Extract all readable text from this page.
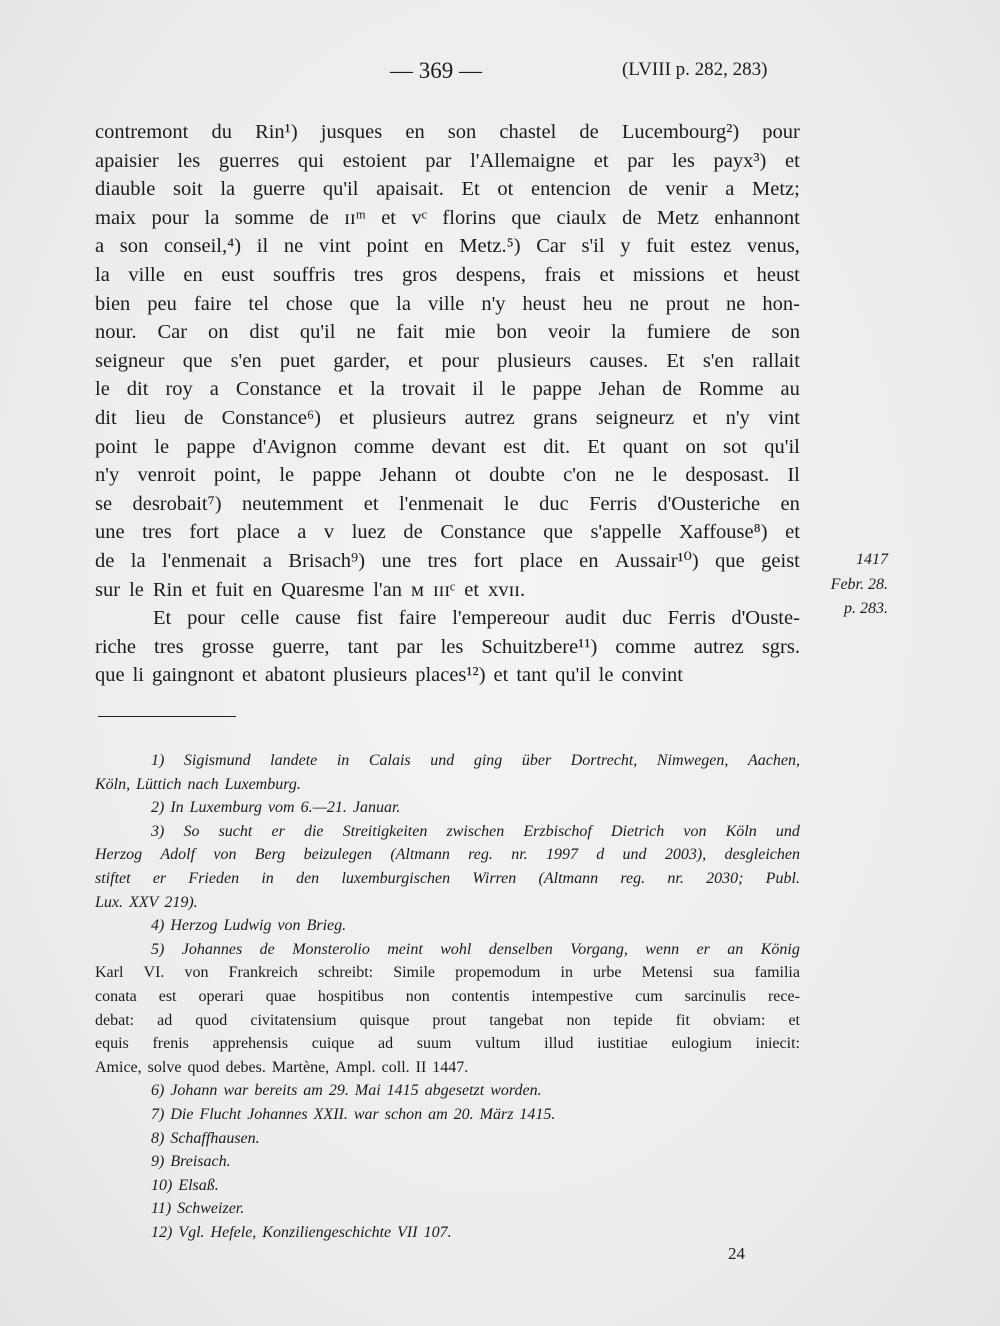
— 369 —	(LVIII p. 282, 283)
contremont du Rin¹) jusques en son chastel de Lucembourg²) pour
apaisier les guerres qui estoient par l'Allemaigne et par les payx³) et
diauble soit la guerre qu'il apaisait. Et ot entencion de venir a Metz;
maix pour la somme de ɪɪᵐ et vᶜ florins que ciaulx de Metz enhannont
a son conseil,⁴) il ne vint point en Metz.⁵) Car s'il y fuit estez venus,
la ville en eust souffris tres gros despens, frais et missions et heust
bien peu faire tel chose que la ville n'y heust heu ne prout ne hon-
nour. Car on dist qu'il ne fait mie bon veoir la fumiere de son
seigneur que s'en puet garder, et pour plusieurs causes. Et s'en rallait
le dit roy a Constance et la trovait il le pappe Jehan de Romme au
dit lieu de Constance⁶) et plusieurs autrez grans seigneurz et n'y vint
point le pappe d'Avignon comme devant est dit. Et quant on sot qu'il
n'y venroit point, le pappe Jehann ot doubte c'on ne le desposast. Il
se desrobait⁷) neutemment et l'enmenait le duc Ferris d'Ousteriche en
une tres fort place a v luez de Constance que s'appelle Xaffouse⁸) et
de la l'enmenait a Brisach⁹) une tres fort place en Aussair¹⁰) que geist
sur le Rin et fuit en Quaresme l'an ᴍ ɪɪɪᶜ et xᴠɪɪ.
Et pour celle cause fist faire l'empereour audit duc Ferris d'Ouste-
riche tres grosse guerre, tant par les Schuitzbere¹¹) comme autrez sgrs.
que li gaingnont et abatont plusieurs places¹²) et tant qu'il le convint
1417
Febr. 28.
p. 283.
1) Sigismund landete in Calais und ging über Dortrecht, Nimwegen, Aachen,
Köln, Lüttich nach Luxemburg.
2) In Luxemburg vom 6.—21. Januar.
3) So sucht er die Streitigkeiten zwischen Erzbischof Dietrich von Köln und
Herzog Adolf von Berg beizulegen (Altmann reg. nr. 1997 d und 2003), desgleichen
stiftet er Frieden in den luxemburgischen Wirren (Altmann reg. nr. 2030; Publ.
Lux. XXV 219).
4) Herzog Ludwig von Brieg.
5) Johannes de Monsterolio meint wohl denselben Vorgang, wenn er an König
Karl VI. von Frankreich schreibt: Simile propemodum in urbe Metensi sua familia
conata est operari quae hospitibus non contentis intempestive cum sarcinulis rece-
debat: ad quod civitatensium quisque prout tangebat non tepide fit obviam: et
equis frenis apprehensis cuique ad suum vultum illud iustitiae eulogium iniecit:
Amice, solve quod debes. Martène, Ampl. coll. II 1447.
6) Johann war bereits am 29. Mai 1415 abgesetzt worden.
7) Die Flucht Johannes XXII. war schon am 20. März 1415.
8) Schaffhausen.
9) Breisach.
10) Elsaß.
11) Schweizer.
12) Vgl. Hefele, Konziliengeschichte VII 107.
24
